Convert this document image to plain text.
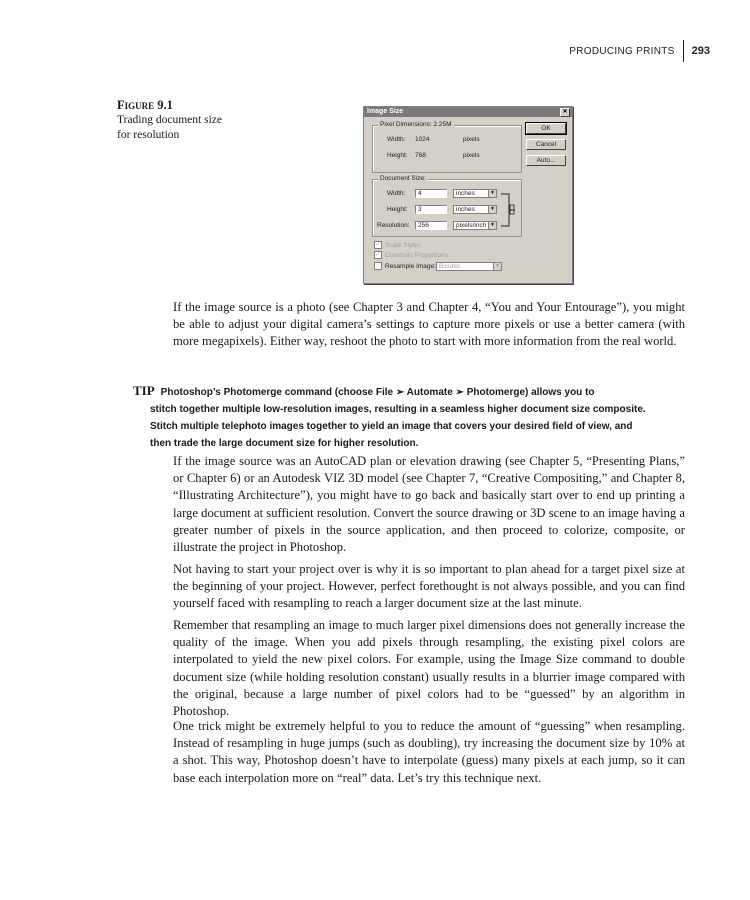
PRODUCING PRINTS 293
Figure 9.1
Trading document size for resolution
Image Size	✕
Pixel Dimensions: 2.25M
Width: 1024	pixels
Height: 768	pixels
OK
Cancel
Auto...
Document Size:
Width:	4	inches	▼
Height:	3	inches	▼
Resolution:	256	pixels/inch ▼
✓ Scale Styles
✓ Constrain Proportions
Resample Image: Bicubic	▼

If the image source is a photo (see Chapter 3 and Chapter 4, “You and Your Entourage”), you might be able to adjust your digital camera’s settings to capture more pixels or use a better camera (with more megapixels). Either way, reshoot the photo to start with more information from the real world.

TIP Photoshop’s Photomerge command (choose File ➢ Automate ➢ Photomerge) allows you to
stitch together multiple low-resolution images, resulting in a seamless higher document size composite. Stitch multiple telephoto images together to yield an image that covers your desired field of view, and then trade the large document size for higher resolution.

If the image source was an AutoCAD plan or elevation drawing (see Chapter 5, “Presenting Plans,” or Chapter 6) or an Autodesk VIZ 3D model (see Chapter 7, “Creative Compositing,” and Chapter 8, “Illustrating Architecture”), you might have to go back and basically start over to end up printing a large document at sufficient resolution. Convert the source drawing or 3D scene to an image having a greater number of pixels in the source application, and then proceed to colorize, composite, or illustrate the project in Photoshop.

Not having to start your project over is why it is so important to plan ahead for a target pixel size at the beginning of your project. However, perfect forethought is not always possible, and you can find yourself faced with resampling to reach a larger document size at the last minute.

Remember that resampling an image to much larger pixel dimensions does not generally increase the quality of the image. When you add pixels through resampling, the existing pixel colors are interpolated to yield the new pixel colors. For example, using the Image Size command to double document size (while holding resolution constant) usually results in a blurrier image compared with the original, because a large number of pixel colors had to be “guessed” by an algorithm in Photoshop.

One trick might be extremely helpful to you to reduce the amount of “guessing” when resampling. Instead of resampling in huge jumps (such as doubling), try increasing the document size by 10% at a shot. This way, Photoshop doesn’t have to interpolate (guess) many pixels at each jump, so it can base each interpolation more on “real” data. Let’s try this technique next.
